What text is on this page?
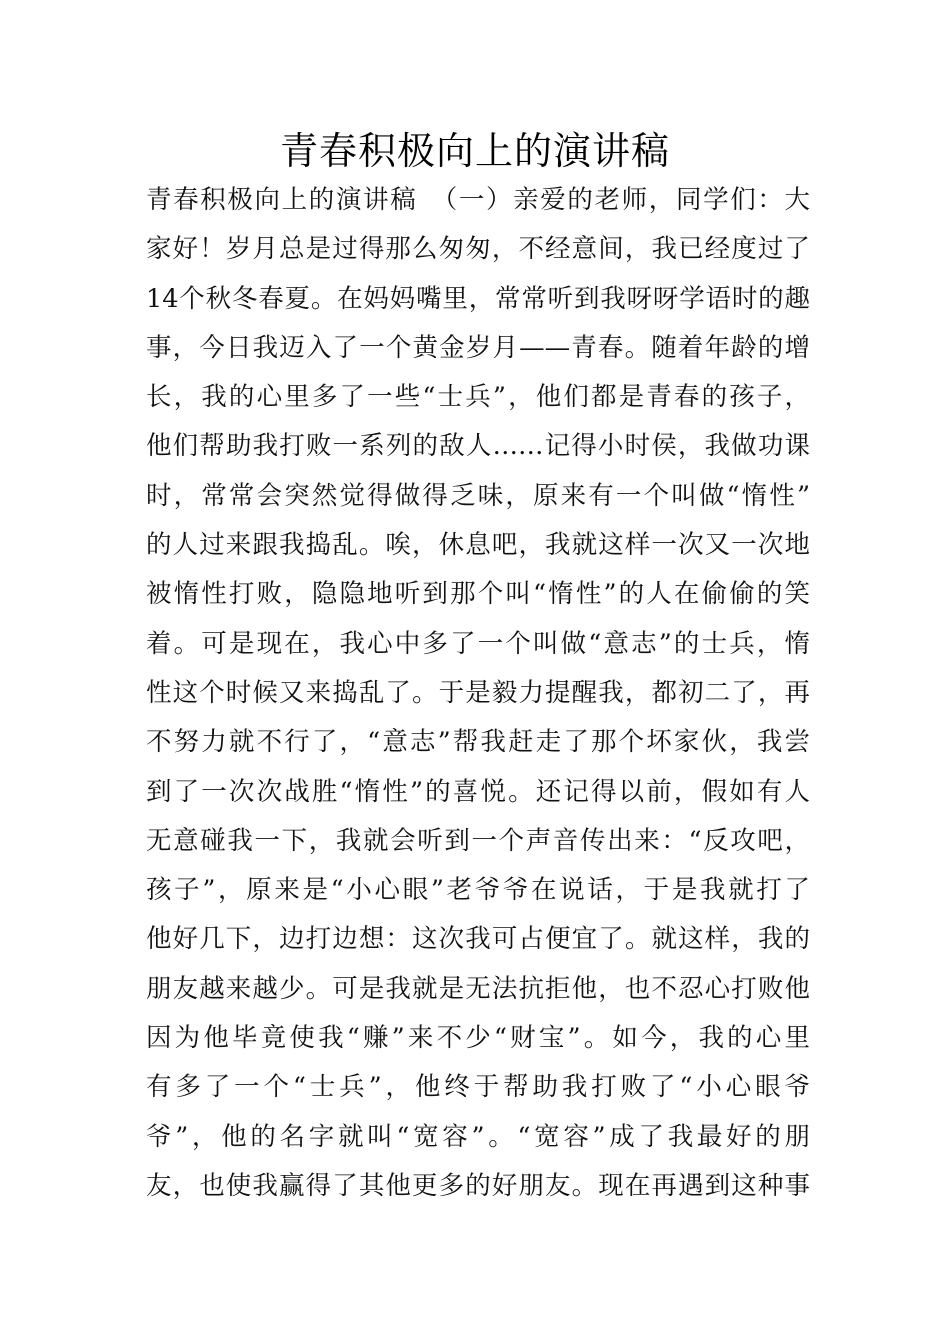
青春积极向上的演讲稿
青春积极向上的演讲稿　（一）亲爱的老师，同学们：大
家好！岁月总是过得那么匆匆，不经意间，我已经度过了
14个秋冬春夏。在妈妈嘴里，常常听到我呀呀学语时的趣
事，今日我迈入了一个黄金岁月——青春。随着年龄的增
长，我的心里多了一些“士兵”，他们都是青春的孩子，
他们帮助我打败一系列的敌人……记得小时侯，我做功课
时，常常会突然觉得做得乏味，原来有一个叫做“惰性”
的人过来跟我捣乱。唉，休息吧，我就这样一次又一次地
被惰性打败，隐隐地听到那个叫“惰性”的人在偷偷的笑
着。可是现在，我心中多了一个叫做“意志”的士兵，惰
性这个时候又来捣乱了。于是毅力提醒我，都初二了，再
不努力就不行了，“意志”帮我赶走了那个坏家伙，我尝
到了一次次战胜“惰性”的喜悦。还记得以前，假如有人
无意碰我一下，我就会听到一个声音传出来：“反攻吧，
孩子”，原来是“小心眼”老爷爷在说话，于是我就打了
他好几下，边打边想：这次我可占便宜了。就这样，我的
朋友越来越少。可是我就是无法抗拒他，也不忍心打败他
因为他毕竟使我“赚”来不少“财宝”。如今，我的心里
有多了一个“士兵”，他终于帮助我打败了“小心眼爷
爷”，他的名字就叫“宽容”。“宽容”成了我最好的朋
友，也使我赢得了其他更多的好朋友。现在再遇到这种事
